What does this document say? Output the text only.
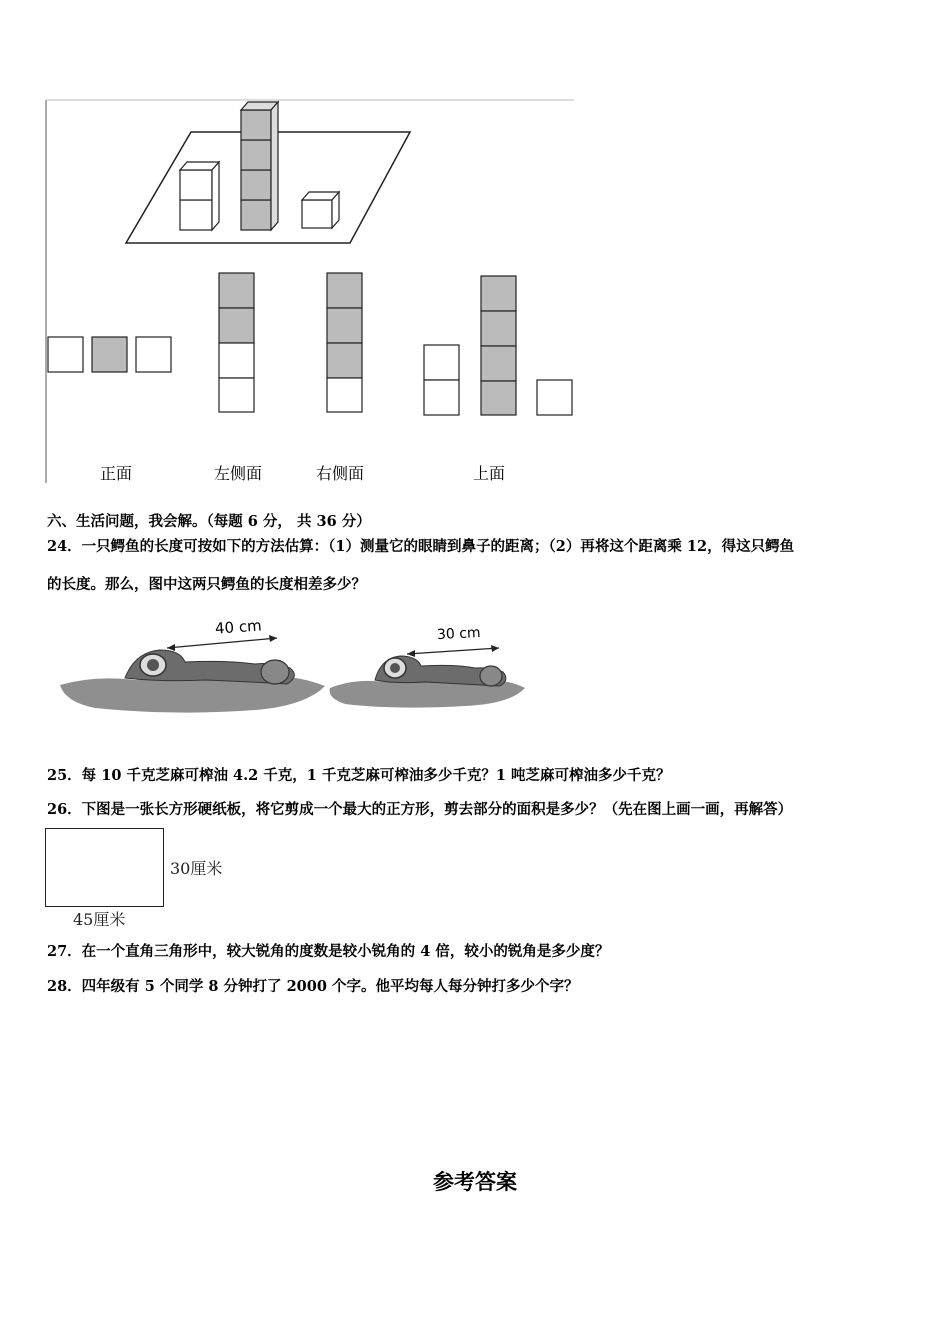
正面	左侧面	右侧面	上面
六、生活问题，我会解。（每题 6 分， 共 36 分）
24．一只鳄鱼的长度可按如下的方法估算：（1）测量它的眼睛到鼻子的距离；（2）再将这个距离乘 12，得这只鳄鱼
的长度。那么，图中这两只鳄鱼的长度相差多少？
40 cm	30 cm
25．每 10 千克芝麻可榨油 4.2 千克，1 千克芝麻可榨油多少千克？1 吨芝麻可榨油多少千克？
26．下图是一张长方形硬纸板，将它剪成一个最大的正方形，剪去部分的面积是多少？（先在图上画一画，再解答）
30厘米
45厘米
27．在一个直角三角形中，较大锐角的度数是较小锐角的 4 倍，较小的锐角是多少度？
28．四年级有 5 个同学 8 分钟打了 2000 个字。他平均每人每分钟打多少个字？
参考答案
